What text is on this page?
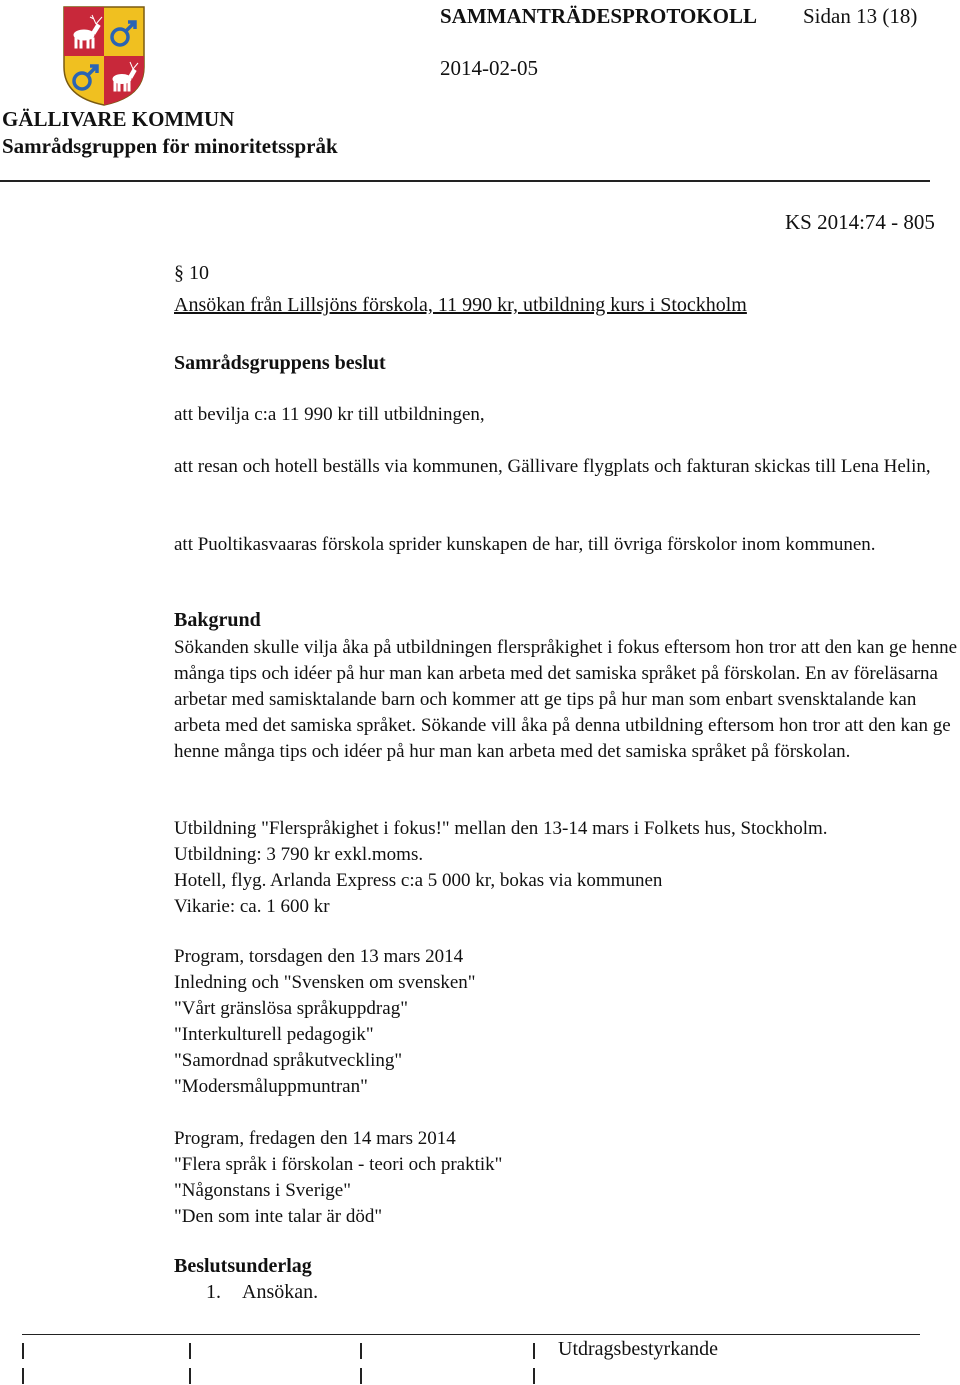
SAMMANTRÄDESPROTOKOLL Sidan 13 (18)
2014-02-05
GÄLLIVARE KOMMUN
Samrådsgruppen för minoritetsspråk
KS 2014:74 - 805
§ 10
Ansökan från Lillsjöns förskola, 11 990 kr, utbildning kurs i Stockholm
Samrådsgruppens beslut
att bevilja c:a 11 990 kr till utbildningen,
att resan och hotell beställs via kommunen, Gällivare flygplats och fakturan skickas till Lena Helin,
att Puoltikasvaaras förskola sprider kunskapen de har, till övriga förskolor inom kommunen.
Bakgrund
Sökanden skulle vilja åka på utbildningen flerspråkighet i fokus eftersom hon tror att den kan ge henne många tips och idéer på hur man kan arbeta med det samiska språket på förskolan. En av föreläsarna arbetar med samisktalande barn och kommer att ge tips på hur man som enbart svensktalande kan arbeta med det samiska språket. Sökande vill åka på denna utbildning eftersom hon tror att den kan ge henne många tips och idéer på hur man kan arbeta med det samiska språket på förskolan.
Utbildning "Flerspråkighet i fokus!" mellan den 13-14 mars i Folkets hus, Stockholm.
Utbildning: 3 790 kr exkl.moms.
Hotell, flyg. Arlanda Express c:a 5 000 kr, bokas via kommunen
Vikarie: ca. 1 600 kr
Program, torsdagen den 13 mars 2014
Inledning och "Svensken om svensken"
"Vårt gränslösa språkuppdrag"
"Interkulturell pedagogik"
"Samordnad språkutveckling"
"Modersmåluppmuntran"
Program, fredagen den 14 mars 2014
"Flera språk i förskolan - teori och praktik"
"Någonstans i Sverige"
"Den som inte talar är död"
Beslutsunderlag
1. Ansökan.
Utdragsbestyrkande
